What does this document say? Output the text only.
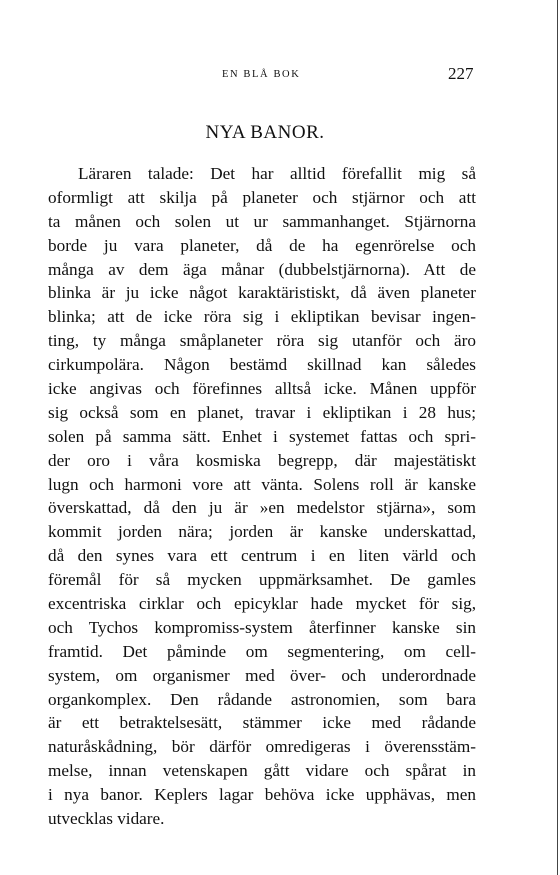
EN BLÅ BOK	227
NYA BANOR.
Läraren talade: Det har alltid förefallit mig så
oformligt att skilja på planeter och stjärnor och att
ta månen och solen ut ur sammanhanget. Stjärnorna
borde ju vara planeter, då de ha egenrörelse och
många av dem äga månar (dubbelstjärnorna). Att de
blinka är ju icke något karaktäristiskt, då även planeter
blinka; att de icke röra sig i ekliptikan bevisar ingen-
ting, ty många småplaneter röra sig utanför och äro
cirkumpolära. Någon bestämd skillnad kan således
icke angivas och förefinnes alltså icke. Månen uppför
sig också som en planet, travar i ekliptikan i 28 hus;
solen på samma sätt. Enhet i systemet fattas och spri-
der oro i våra kosmiska begrepp, där majestätiskt
lugn och harmoni vore att vänta. Solens roll är kanske
överskattad, då den ju är »en medelstor stjärna», som
kommit jorden nära; jorden är kanske underskattad,
då den synes vara ett centrum i en liten värld och
föremål för så mycken uppmärksamhet. De gamles
excentriska cirklar och epicyklar hade mycket för sig,
och Tychos kompromiss-system återfinner kanske sin
framtid. Det påminde om segmentering, om cell-
system, om organismer med över- och underordnade
organkomplex. Den rådande astronomien, som bara
är ett betraktelsesätt, stämmer icke med rådande
naturåskådning, bör därför omredigeras i överensstäm-
melse, innan vetenskapen gått vidare och spårat in
i nya banor. Keplers lagar behöva icke upphävas, men
utvecklas vidare.
